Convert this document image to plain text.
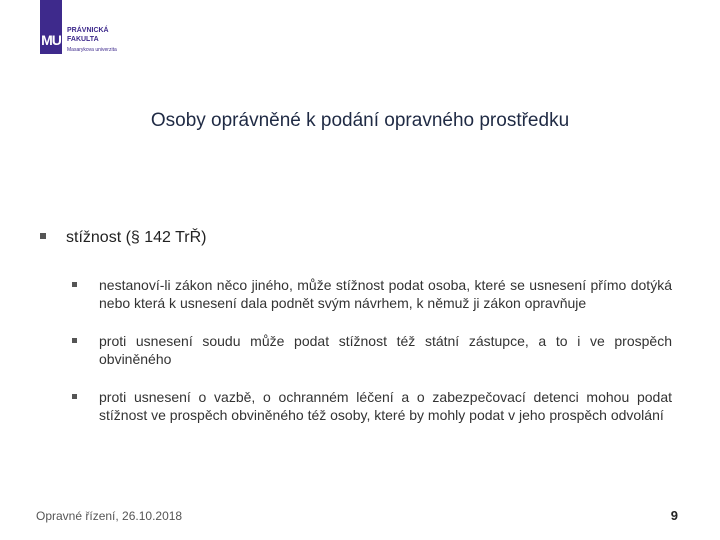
MU
PRÁVNICKÁ
FAKULTA
Masarykova univerzita
Osoby oprávněné k podání opravného prostředku
stížnost (§ 142 TrŘ)
nestanoví-li zákon něco jiného, může stížnost podat osoba, které se usnesení přímo dotýká nebo která k usnesení dala podnět svým návrhem, k němuž ji zákon opravňuje
proti usnesení soudu může podat stížnost též státní zástupce, a to i ve prospěch obviněného
proti usnesení o vazbě, o ochranném léčení a o zabezpečovací detenci mohou podat stížnost ve prospěch obviněného též osoby, které by mohly podat v jeho prospěch odvolání
Opravné řízení, 26.10.2018	9
